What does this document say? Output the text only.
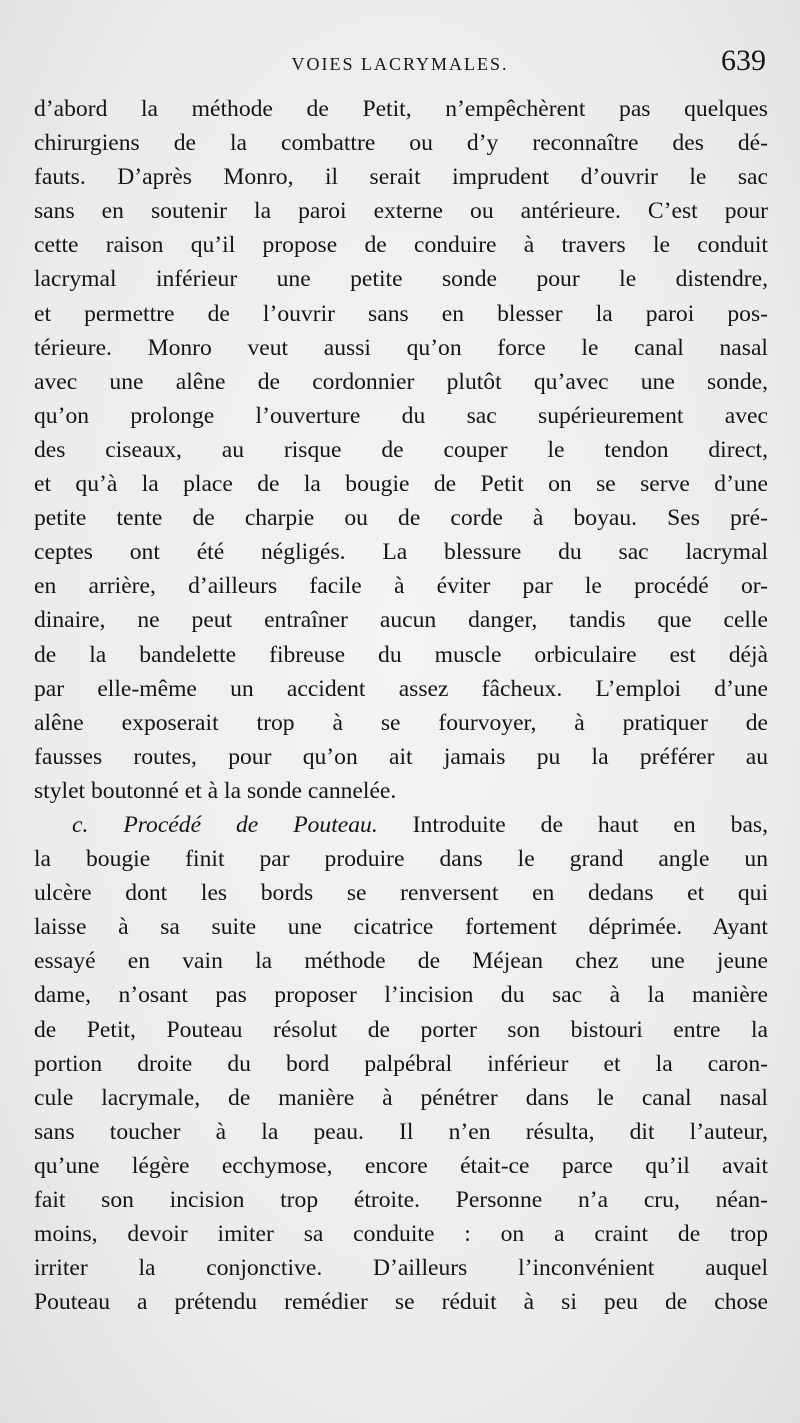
VOIES LACRYMALES.	639
d’abord la méthode de Petit, n’empêchèrent pas quelques
chirurgiens de la combattre ou d’y reconnaître des dé-
fauts. D’après Monro, il serait imprudent d’ouvrir le sac
sans en soutenir la paroi externe ou antérieure. C’est pour
cette raison qu’il propose de conduire à travers le conduit
lacrymal inférieur une petite sonde pour le distendre,
et permettre de l’ouvrir sans en blesser la paroi pos-
térieure. Monro veut aussi qu’on force le canal nasal
avec une alêne de cordonnier plutôt qu’avec une sonde,
qu’on prolonge l’ouverture du sac supérieurement avec
des ciseaux, au risque de couper le tendon direct,
et qu’à la place de la bougie de Petit on se serve d’une
petite tente de charpie ou de corde à boyau. Ses pré-
ceptes ont été négligés. La blessure du sac lacrymal
en arrière, d’ailleurs facile à éviter par le procédé or-
dinaire, ne peut entraîner aucun danger, tandis que celle
de la bandelette fibreuse du muscle orbiculaire est déjà
par elle-même un accident assez fâcheux. L’emploi d’une
alêne exposerait trop à se fourvoyer, à pratiquer de
fausses routes, pour qu’on ait jamais pu la préférer au
stylet boutonné et à la sonde cannelée.
c. Procédé de Pouteau. Introduite de haut en bas,
la bougie finit par produire dans le grand angle un
ulcère dont les bords se renversent en dedans et qui
laisse à sa suite une cicatrice fortement déprimée. Ayant
essayé en vain la méthode de Méjean chez une jeune
dame, n’osant pas proposer l’incision du sac à la manière
de Petit, Pouteau résolut de porter son bistouri entre la
portion droite du bord palpébral inférieur et la caron-
cule lacrymale, de manière à pénétrer dans le canal nasal
sans toucher à la peau. Il n’en résulta, dit l’auteur,
qu’une légère ecchymose, encore était-ce parce qu’il avait
fait son incision trop étroite. Personne n’a cru, néan-
moins, devoir imiter sa conduite : on a craint de trop
irriter la conjonctive. D’ailleurs l’inconvénient auquel
Pouteau a prétendu remédier se réduit à si peu de chose
